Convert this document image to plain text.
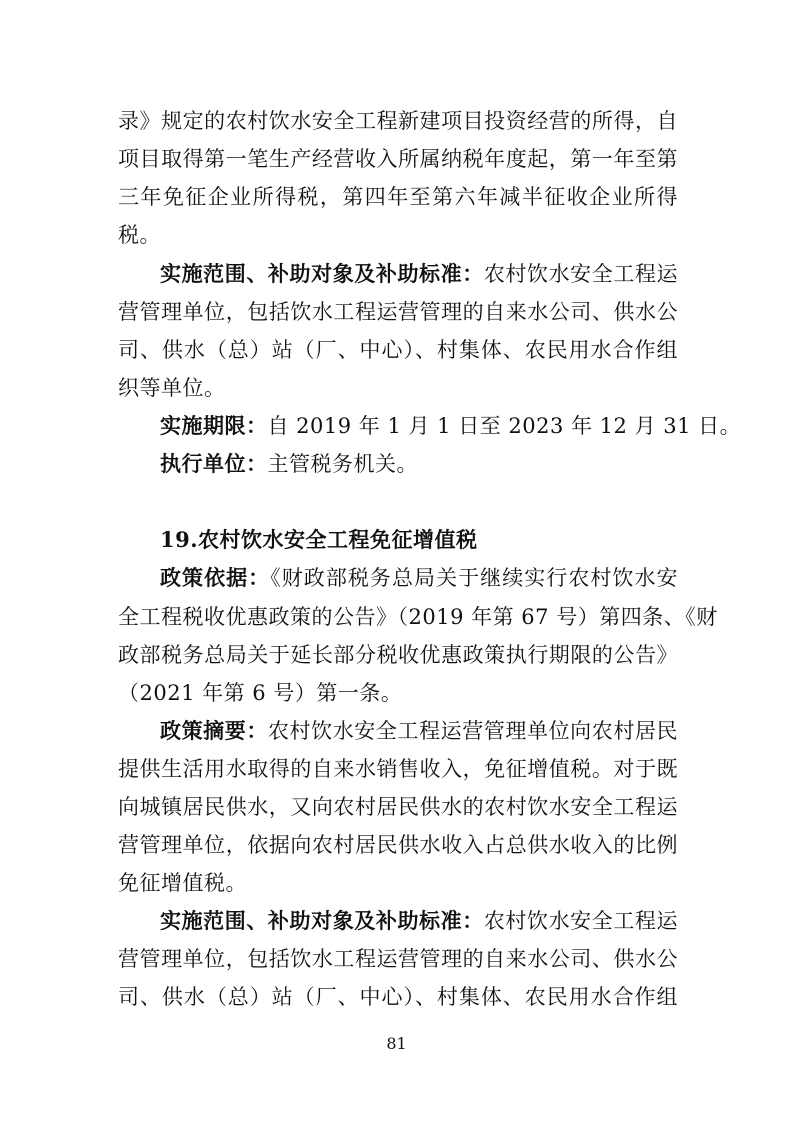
录》规定的农村饮水安全工程新建项目投资经营的所得，自
项目取得第一笔生产经营收入所属纳税年度起，第一年至第
三年免征企业所得税，第四年至第六年减半征收企业所得
税。
实施范围、补助对象及补助标准：农村饮水安全工程运
营管理单位，包括饮水工程运营管理的自来水公司、供水公
司、供水（总）站（厂、中心）、村集体、农民用水合作组
织等单位。
实施期限：自 2019 年 1 月 1 日至 2023 年 12 月 31 日。
执行单位：主管税务机关。
19.农村饮水安全工程免征增值税
政策依据：《财政部税务总局关于继续实行农村饮水安
全工程税收优惠政策的公告》（2019 年第 67 号）第四条、《财
政部税务总局关于延长部分税收优惠政策执行期限的公告》
（2021 年第 6 号）第一条。
政策摘要：农村饮水安全工程运营管理单位向农村居民
提供生活用水取得的自来水销售收入，免征增值税。对于既
向城镇居民供水，又向农村居民供水的农村饮水安全工程运
营管理单位，依据向农村居民供水收入占总供水收入的比例
免征增值税。
实施范围、补助对象及补助标准：农村饮水安全工程运
营管理单位，包括饮水工程运营管理的自来水公司、供水公
司、供水（总）站（厂、中心）、村集体、农民用水合作组
81
